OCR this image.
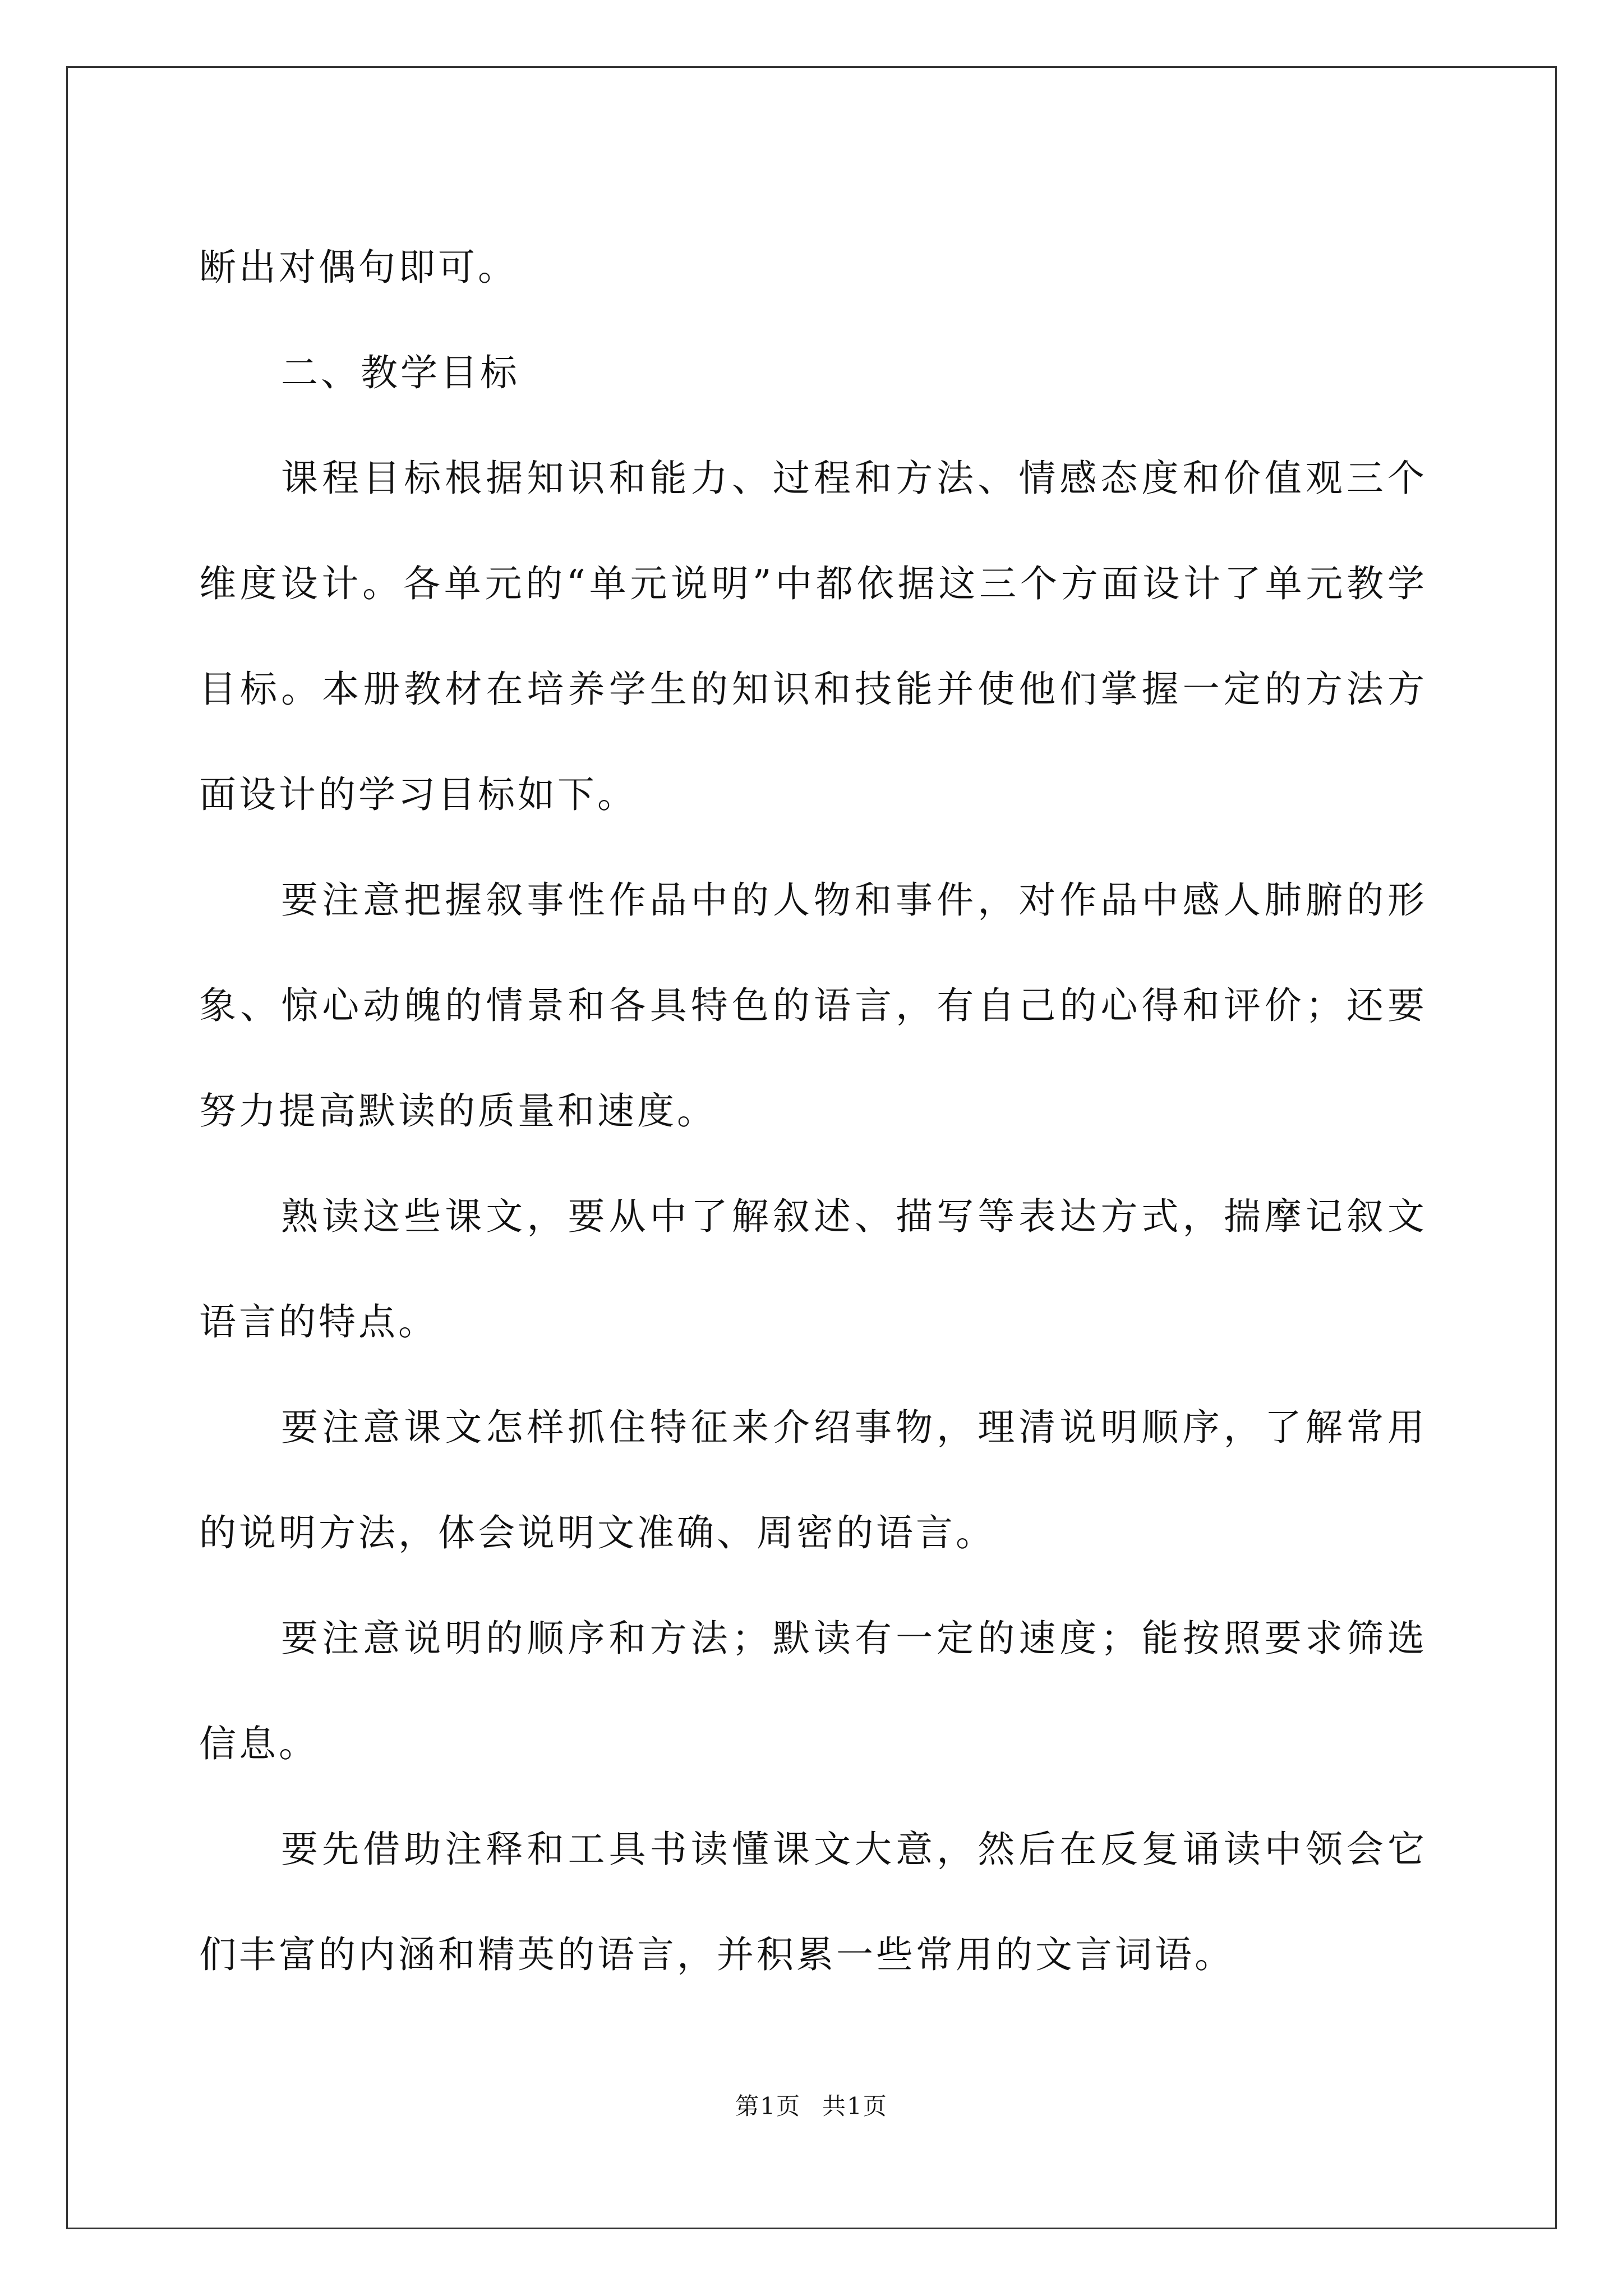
断出对偶句即可。

二、教学目标

课程目标根据知识和能力、过程和方法、情感态度和价值观三个维度设计。各单元的“单元说明”中都依据这三个方面设计了单元教学目标。本册教材在培养学生的知识和技能并使他们掌握一定的方法方面设计的学习目标如下。

要注意把握叙事性作品中的人物和事件，对作品中感人肺腑的形象、惊心动魄的情景和各具特色的语言，有自己的心得和评价；还要努力提高默读的质量和速度。

熟读这些课文，要从中了解叙述、描写等表达方式，揣摩记叙文语言的特点。

要注意课文怎样抓住特征来介绍事物，理清说明顺序，了解常用的说明方法，体会说明文准确、周密的语言。

要注意说明的顺序和方法；默读有一定的速度；能按照要求筛选信息。

要先借助注释和工具书读懂课文大意，然后在反复诵读中领会它们丰富的内涵和精英的语言，并积累一些常用的文言词语。

第1页 共1页
